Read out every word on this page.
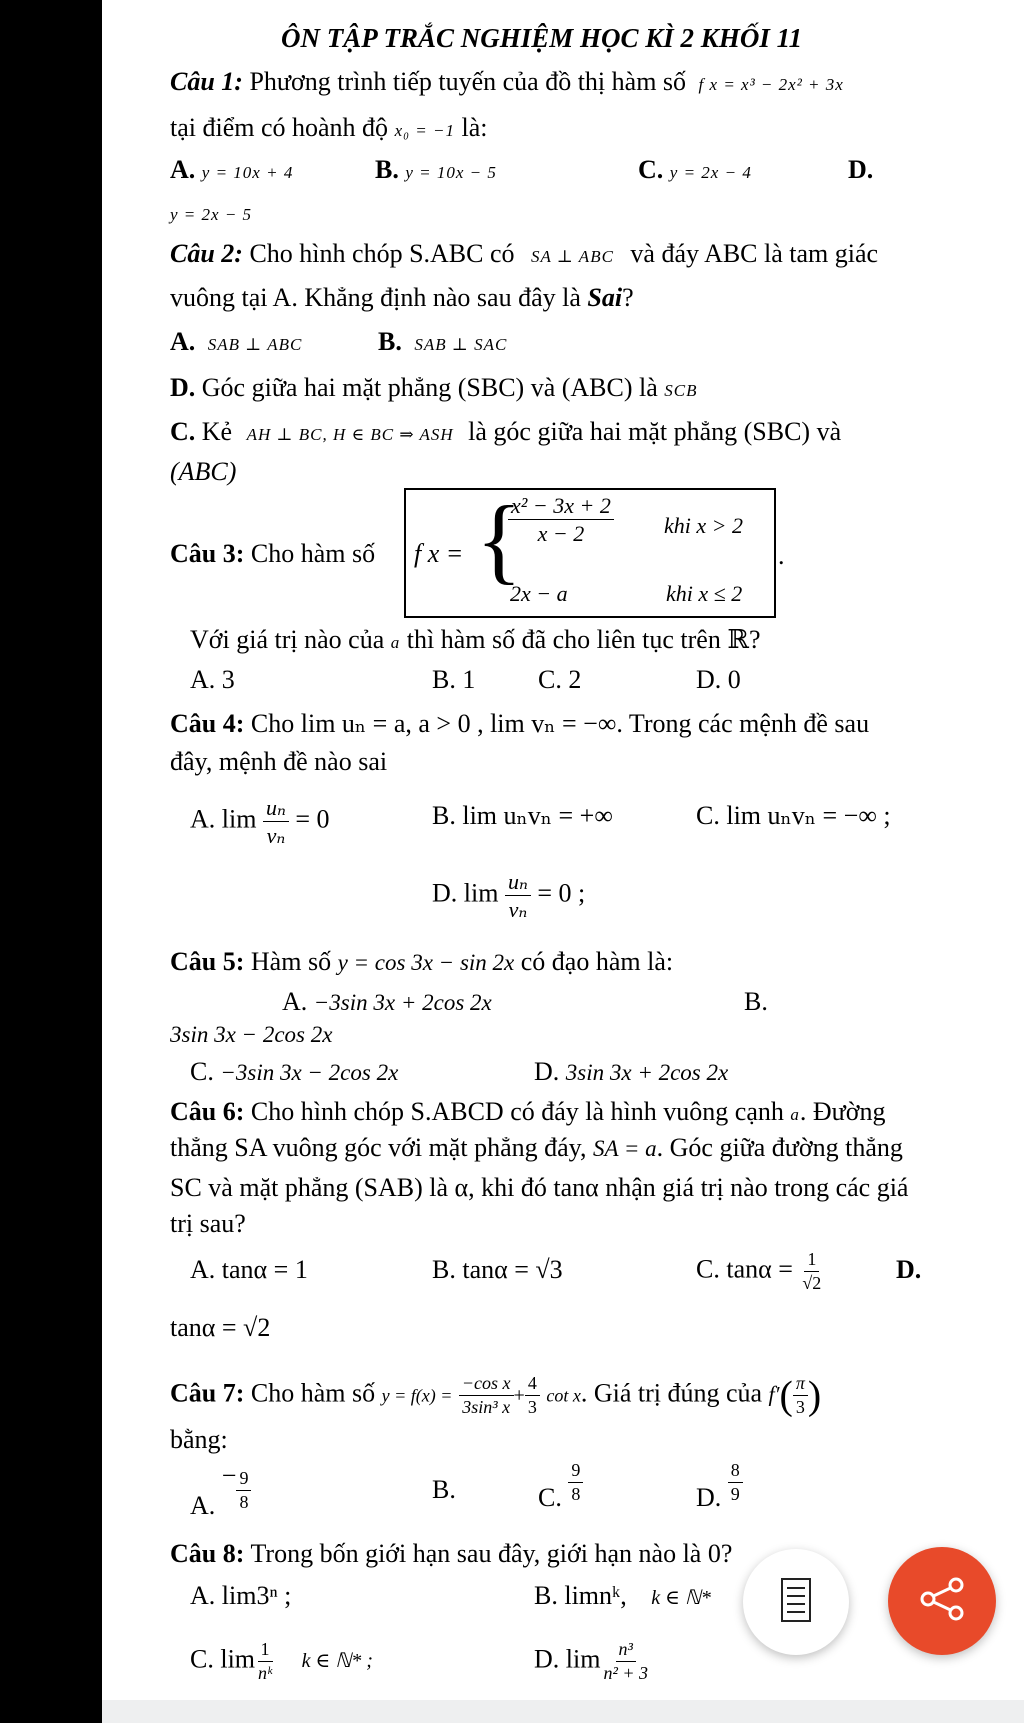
ÔN TẬP TRẮC NGHIỆM HỌC KÌ 2 KHỐI 11
Câu 1: Phương trình tiếp tuyến của đồ thị hàm số f x = x³ − 2x² + 3x
tại điểm có hoành độ x₀ = −1 là:
A. y = 10x + 4	B. y = 10x − 5	C. y = 2x − 4	D.
y = 2x − 5
Câu 2: Cho hình chóp S.ABC có SA ⊥ ABC và đáy ABC là tam giác
vuông tại A. Khẳng định nào sau đây là Sai?
A. SAB ⊥ ABC	B. SAB ⊥ SAC
D. Góc giữa hai mặt phẳng (SBC) và (ABC) là SCB
C. Kẻ AH ⊥ BC, H ∈ BC ⇒ ASH là góc giữa hai mặt phẳng (SBC) và
(ABC)
Câu 3: Cho hàm số f x = {
$\frac{\text{x² − 3x + 2}}{x - 2}$ khi x > 2
2x − a	khi x ≤ 2
.
Với giá trị nào của a thì hàm số đã cho liên tục trên ℝ?
A. 3	B. 1 C. 2	D. 0
Câu 4: Cho lim uₙ = a, a > 0 , lim vₙ = −∞. Trong các mệnh đề sau
đây, mệnh đề nào sai
A. $\lim \frac{\text{uₙ}}{\text{vₙ}} = 0$	B. lim uₙvₙ = +∞	C. lim uₙvₙ = −∞ ;
D. $\lim \frac{\text{uₙ}}{\text{vₙ}} = 0$ ;
Câu 5: Hàm số y = cos 3x − sin 2x có đạo hàm là:
A. −3sin 3x + 2cos 2x	B.
3sin 3x − 2cos 2x
C. −3sin 3x − 2cos 2x	D. 3sin 3x + 2cos 2x
Câu 6: Cho hình chóp S.ABCD có đáy là hình vuông cạnh a. Đường
thẳng SA vuông góc với mặt phẳng đáy, SA = a. Góc giữa đường thẳng
SC và mặt phẳng (SAB) là α, khi đó tanα nhận giá trị nào trong các giá
trị sau?
A. tanα = 1	B. tanα = √3	C. $\tan\alpha = \frac{1}{√2}$	D.
tanα = √2
Câu 7: Cho hàm số $y = f(x) = \frac{\text{−cos x}}{\text{3sin³ x}} + \frac{4}{3}$ cot x. Giá trị đúng của $f'( \frac{\pi}{3}$ )
bằng:
A. − $\frac{9}{8}$	B.	C. $\frac{9}{8}$	D. $\frac{8}{9}$
Câu 8: Trong bốn giới hạn sau đây, giới hạn nào là 0?
A. lim3ⁿ ;	B. limnᵏ, k ∈ ℕ*
C. $\lim \frac{1}{\text{nᵏ}}$ k ∈ ℕ* ;	D. $\lim \frac{\text{n³}}{\text{n² + 3}}$
